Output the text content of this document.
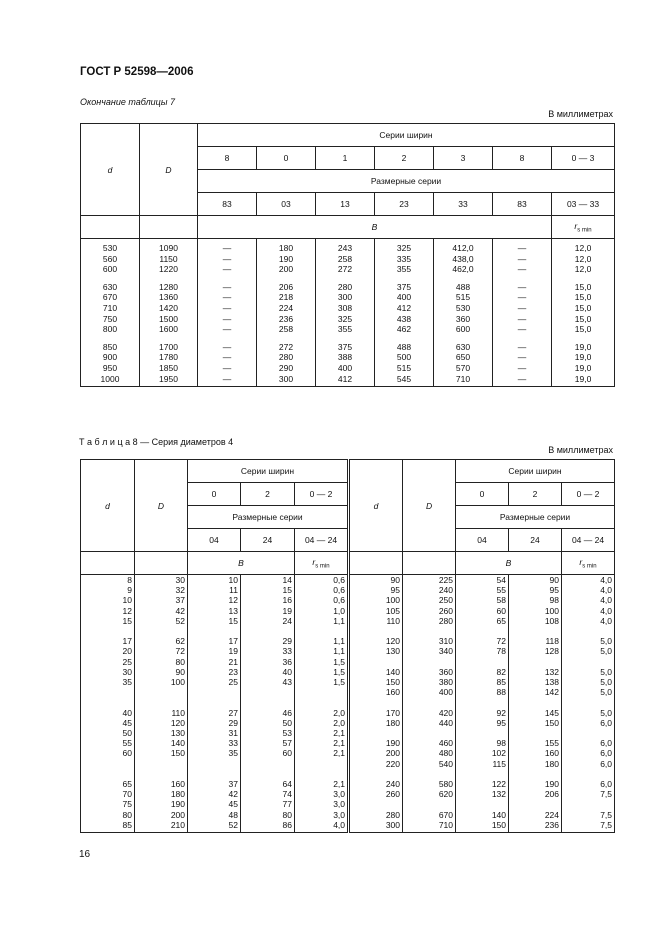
ГОСТ Р 52598—2006
Окончание таблицы 7
В миллиметрах
d	D	Серии ширин						
		8	0	1	2	3	8	0 — 3
		Размерные серии						
		83	03	13	23	33	83	03 — 33
		B						$r_{s min}$
530	1090	—	180	243	325	412,0	—	12,0
560	1150	—	190	258	335	438,0	—	12,0
600	1220	—	200	272	355	462,0	—	12,0

630	1280	—	206	280	375	488	—	15,0
670	1360	—	218	300	400	515	—	15,0
710	1420	—	224	308	412	530	—	15,0
750	1500	—	236	325	438	360	—	15,0
800	1600	—	258	355	462	600	—	15,0

850	1700	—	272	375	488	630	—	19,0
900	1780	—	280	388	500	650	—	19,0
950	1850	—	290	400	515	570	—	19,0
1000	1950	—	300	412	545	710	—	19,0
Т а б л и ц а 8 — Серия диаметров 4
В миллиметрах
d	D	Серии ширин			d	D	Серии ширин		
		0	2	0 — 2			0	2	0 — 2
		Размерные серии					Размерные серии		
		04	24	04 — 24			04	24	04 — 24
		B		$r_{s min}$			B		$r_{s min}$
8	30	10	14	0,6	90	225	54	90	4,0
9	32	11	15	0,6	95	240	55	95	4,0
10	37	12	16	0,6	100	250	58	98	4,0
12	42	13	19	1,0	105	260	60	100	4,0
15	52	15	24	1,1	110	280	65	108	4,0

17	62	17	29	1,1	120	310	72	118	5,0
20	72	19	33	1,1	130	340	78	128	5,0
25	80	21	36	1,5					
30	90	23	40	1,5	140	360	82	132	5,0
35	100	25	43	1,5	150	380	85	138	5,0
					160	400	88	142	5,0

40	110	27	46	2,0	170	420	92	145	5,0
45	120	29	50	2,0	180	440	95	150	6,0
50	130	31	53	2,1					
55	140	33	57	2,1	190	460	98	155	6,0
60	150	35	60	2,1	200	480	102	160	6,0
					220	540	115	180	6,0

65	160	37	64	2,1	240	580	122	190	6,0
70	180	42	74	3,0	260	620	132	206	7,5
75	190	45	77	3,0					
80	200	48	80	3,0	280	670	140	224	7,5
85	210	52	86	4,0	300	710	150	236	7,5
16
